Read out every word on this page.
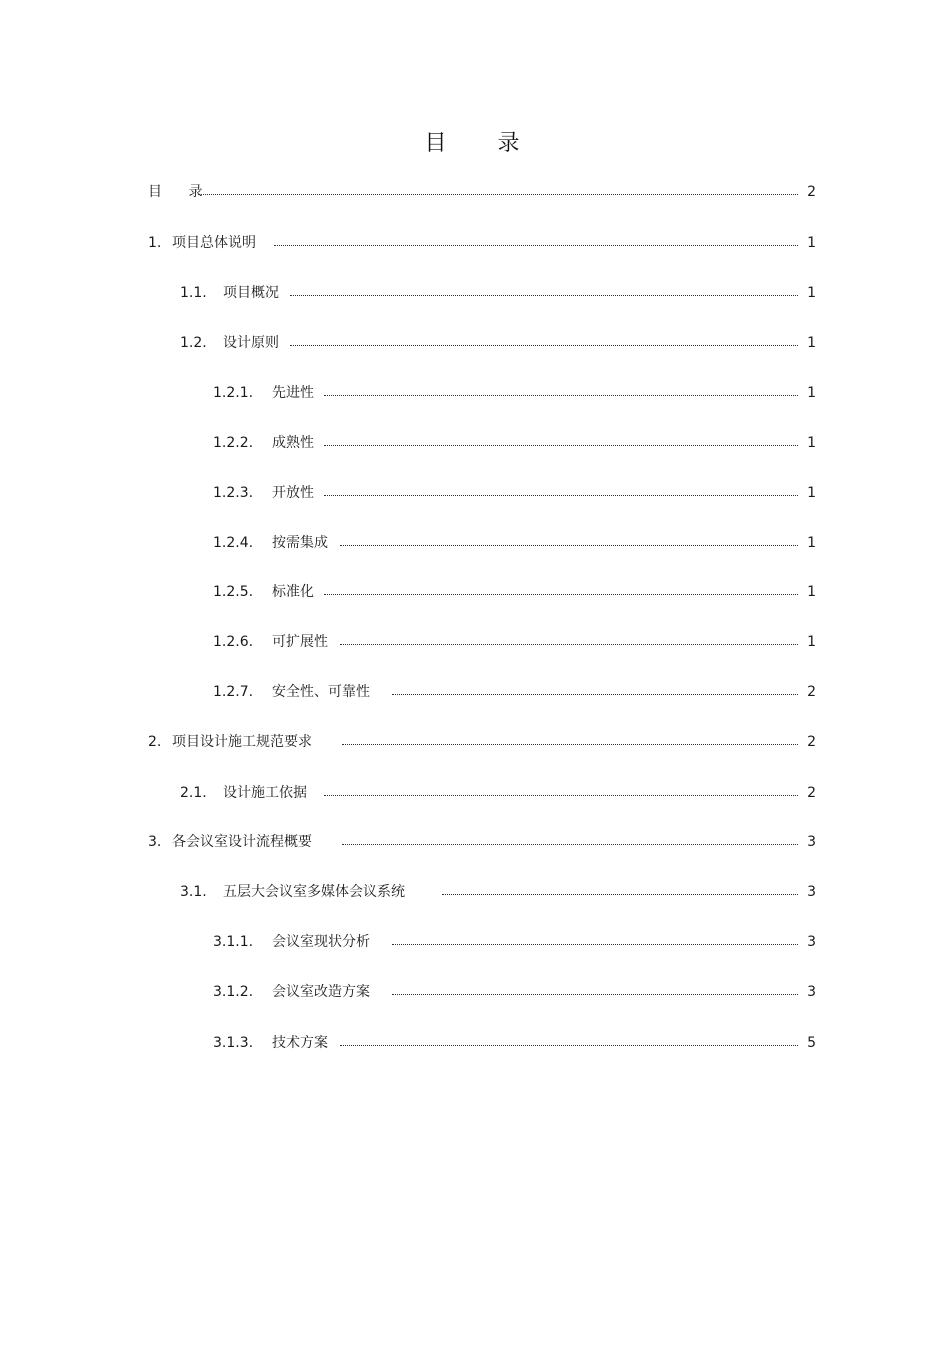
目 录
目 录	2
1. 项目总体说明	1
1.1. 项目概况	1
1.2. 设计原则	1
1.2.1. 先进性	1
1.2.2. 成熟性	1
1.2.3. 开放性	1
1.2.4. 按需集成	1
1.2.5. 标准化	1
1.2.6. 可扩展性	1
1.2.7. 安全性、可靠性	2
2. 项目设计施工规范要求	2
2.1. 设计施工依据	2
3. 各会议室设计流程概要	3
3.1. 五层大会议室多媒体会议系统	3
3.1.1. 会议室现状分析	3
3.1.2. 会议室改造方案	3
3.1.3. 技术方案	5
